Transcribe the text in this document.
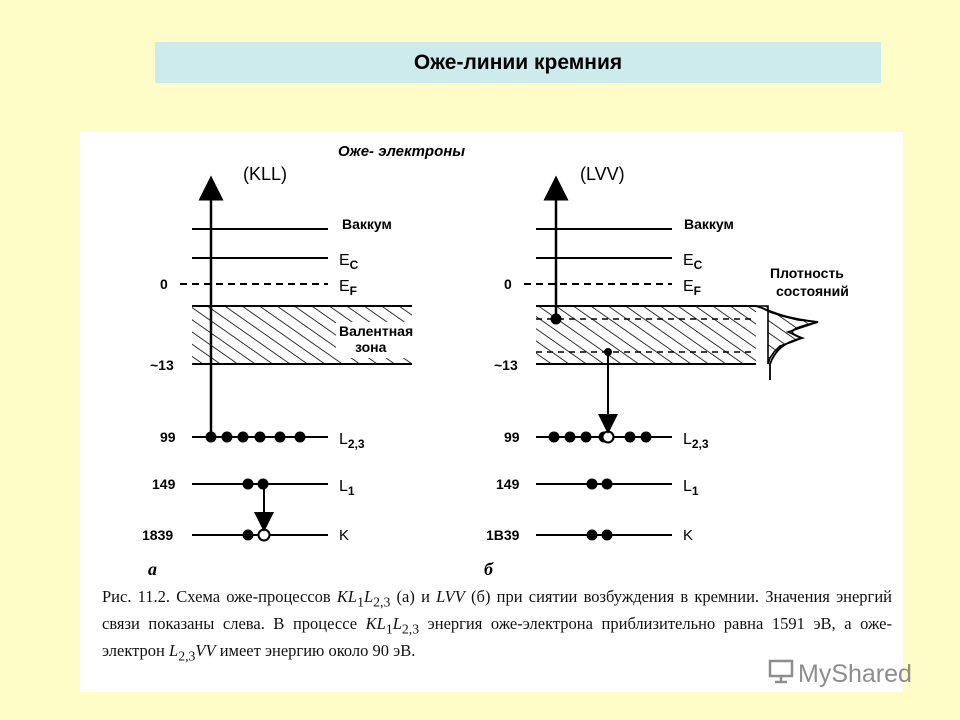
Оже-линии кремния
Оже- электроны
(KLL)
Валентная
зона
Ваккум
$E_C$
$E_F$
0
~13
99	$L_{2,3}$
149	$L_1$
1839	K
а
(LVV)
Ваккум
$E_C$
$E_F$
0
~13
Плотность
состояний
99	$L_{2,3}$
149	$L_1$
1B39	K
б
Рис. 11.2. Схема оже-процессов $KL_1L_{2,3}$ (а) и LVV (б) при сиятии возбуждения в кремнии. Значения энергий связи показаны слева. В процессе $KL_1L_{2,3}$ энергия оже-электрона приблизительно равна 1591 эВ, а оже-электрон $L_{2,3}VV$ имеет энергию около 90 эВ.
MyShared
